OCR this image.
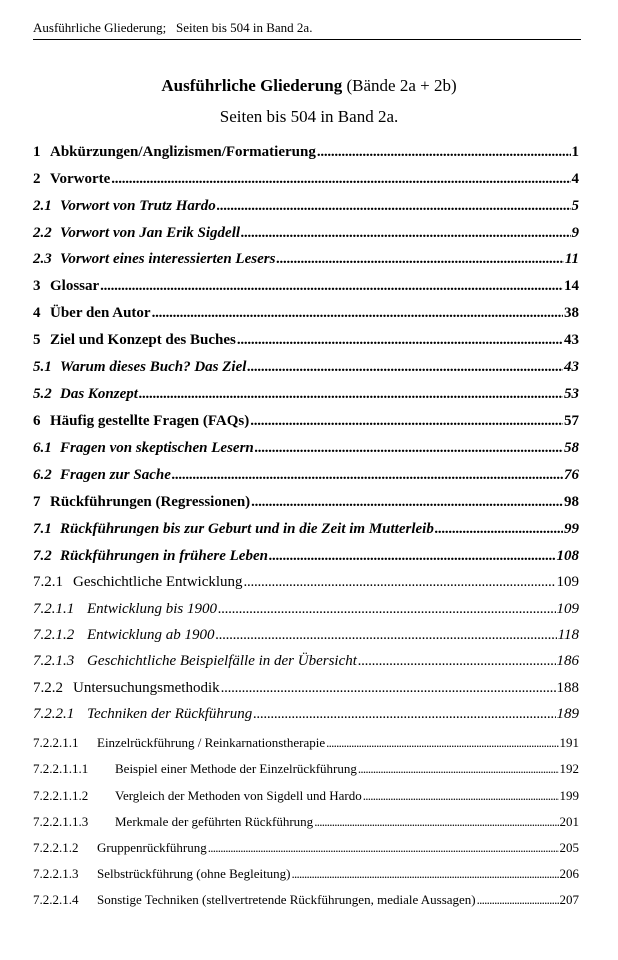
Ausführliche Gliederung;   Seiten bis 504 in Band 2a.
Ausführliche Gliederung (Bände 2a + 2b)
Seiten bis 504 in Band 2a.
1 Abkürzungen/Anglizismen/Formatierung . . .	1
2 Vorworte . . .	4
2.1 Vorwort von Trutz Hardo . . .	5
2.2 Vorwort von Jan Erik Sigdell . . .	9
2.3 Vorwort eines interessierten Lesers . . .	11
3 Glossar . . .	14
4 Über den Autor . . .	38
5 Ziel und Konzept des Buches . . .	43
5.1 Warum dieses Buch? Das Ziel . . .	43
5.2 Das Konzept . . .	53
6 Häufig gestellte Fragen (FAQs) . . .	57
6.1 Fragen von skeptischen Lesern . . .	58
6.2 Fragen zur Sache . . .	76
7 Rückführungen (Regressionen) . . .	98
7.1 Rückführungen bis zur Geburt und in die Zeit im Mutterleib . . .	99
7.2 Rückführungen in frühere Leben . . .	108
7.2.1 Geschichtliche Entwicklung . . .	109
7.2.1.1 Entwicklung bis 1900 . . .	109
7.2.1.2 Entwicklung ab 1900 . . .	118
7.2.1.3 Geschichtliche Beispielfälle in der Übersicht . . .	186
7.2.2 Untersuchungsmethodik . . .	188
7.2.2.1 Techniken der Rückführung . . .	189
7.2.2.1.1	Einzelrückführung / Reinkarnationstherapie . . .	191
7.2.2.1.1.1	Beispiel einer Methode der Einzelrückführung . . .	192
7.2.2.1.1.2	Vergleich der Methoden von Sigdell und Hardo . . .	199
7.2.2.1.1.3	Merkmale der geführten Rückführung . . .	201
7.2.2.1.2	Gruppenrückführung . . .	205
7.2.2.1.3	Selbstrückführung (ohne Begleitung) . . .	206
7.2.2.1.4	Sonstige Techniken (stellvertretende Rückführungen, mediale Aussagen) . . .	207
